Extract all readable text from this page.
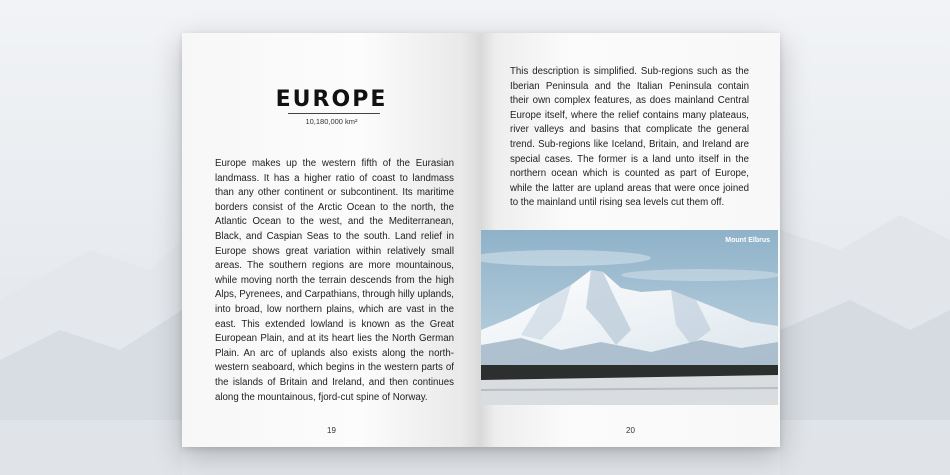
EUROPE
10,180,000 km²
Europe makes up the western fifth of the Eurasian landmass. It has a higher ratio of coast to landmass than any other continent or subcontinent. Its maritime borders consist of the Arctic Ocean to the north, the Atlantic Ocean to the west, and the Mediterranean, Black, and Caspian Seas to the south. Land relief in Europe shows great variation within relatively small areas. The southern regions are more mountainous, while moving north the terrain descends from the high Alps, Pyrenees, and Carpathians, through hilly uplands, into broad, low northern plains, which are vast in the east. This extended lowland is known as the Great European Plain, and at its heart lies the North German Plain. An arc of uplands also exists along the north-western seaboard, which begins in the western parts of the islands of Britain and Ireland, and then continues along the mountainous, fjord-cut spine of Norway.
19
This description is simplified. Sub-regions such as the Iberian Peninsula and the Italian Peninsula contain their own complex features, as does mainland Central Europe itself, where the relief contains many plateaus, river valleys and basins that complicate the general trend. Sub-regions like Iceland, Britain, and Ireland are special cases. The former is a land unto itself in the northern ocean which is counted as part of Europe, while the latter are upland areas that were once joined to the mainland until rising sea levels cut them off.
Mount Elbrus
20
